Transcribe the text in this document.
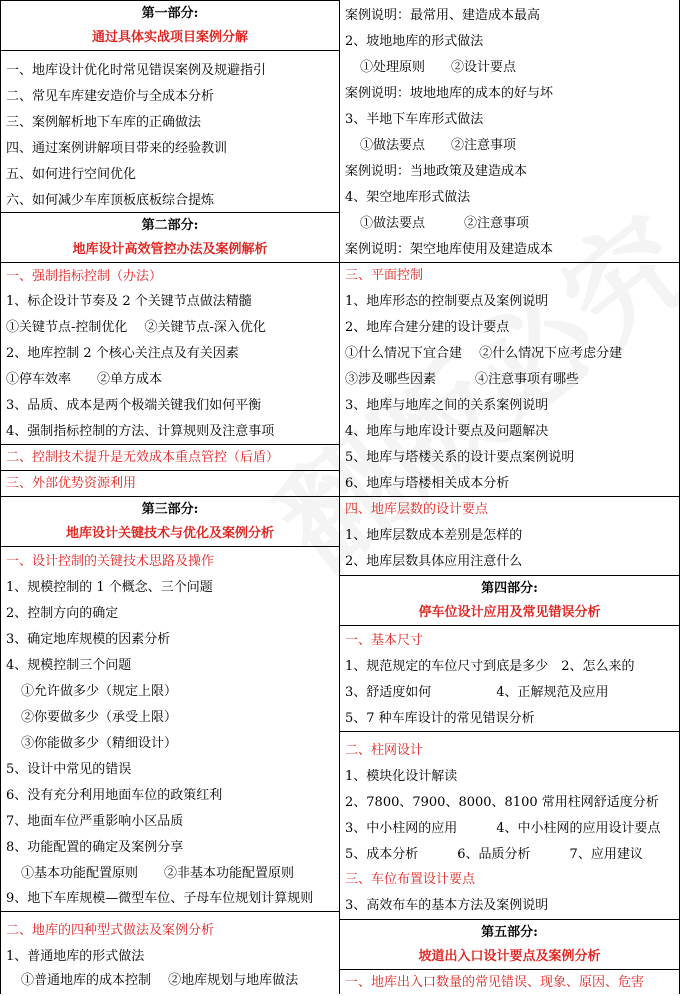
第一部分:
通过具体实战项目案例分解
一、地库设计优化时常见错误案例及规避指引
二、常见车库建安造价与全成本分析
三、案例解析地下车库的正确做法
四、通过案例讲解项目带来的经验教训
五、如何进行空间优化
六、如何减少车库顶板底板综合提炼
第二部分:
地库设计高效管控办法及案例解析
一、强制指标控制（办法）
1、标企设计节奏及 2 个关键节点做法精髓
①关键节点-控制优化　 ②关键节点-深入优化
2、地库控制 2 个核心关注点及有关因素
①停车效率　　②单方成本
3、品质、成本是两个极端关键我们如何平衡
4、强制指标控制的方法、计算规则及注意事项
二、控制技术提升是无效成本重点管控（后盾）
三、外部优势资源利用
第三部分:
地库设计关键技术与优化及案例分析
一、设计控制的关键技术思路及操作
1、规模控制的 1 个概念、三个问题
2、控制方向的确定
3、确定地库规模的因素分析
4、规模控制三个问题
①允许做多少（规定上限）
②你要做多少（承受上限）
③你能做多少（精细设计）
5、设计中常见的错误
6、没有充分利用地面车位的政策红利
7、地面车位严重影响小区品质
8、功能配置的确定及案例分享
①基本功能配置原则　　②非基本功能配置原则
9、地下车库规模—微型车位、子母车位规划计算规则
二、地库的四种型式做法及案例分析
1、普通地库的形式做法
①普通地库的成本控制　 ②地库规划与地库做法
案例说明：最常用、建造成本最高
2、坡地地库的形式做法
①处理原则　　②设计要点
案例说明：坡地地库的成本的好与坏
3、半地下车库形式做法
①做法要点　　②注意事项
案例说明：当地政策及建造成本
4、架空地库形式做法
①做法要点　　　②注意事项
案例说明：架空地库使用及建造成本
三、平面控制
1、地库形态的控制要点及案例说明
2、地库合建分建的设计要点
①什么情况下宜合建　 ②什么情况下应考虑分建
③涉及哪些因素　　　④注意事项有哪些
3、地库与地库之间的关系案例说明
4、地库与地库设计要点及问题解决
5、地库与塔楼关系的设计要点案例说明
6、地库与塔楼相关成本分析
四、地库层数的设计要点
1、地库层数成本差别是怎样的
2、地库层数具体应用注意什么
第四部分:
停车位设计应用及常见错误分析
一、基本尺寸
1、规范规定的车位尺寸到底是多少　2、怎么来的
3、舒适度如何　　　　　4、正解规范及应用
5、7 种车库设计的常见错误分析
二、柱网设计
1、模块化设计解读
2、7800、7900、8000、8100 常用柱网舒适度分析
3、中小柱网的应用　　　4、中小柱网的应用设计要点
5、成本分析　　　6、品质分析　　　7、应用建议
三、车位布置设计要点
3、高效布车的基本方法及案例说明
第五部分:
坡道出入口设计要点及案例分析
一、地库出入口数量的常见错误、现象、原因、危害
